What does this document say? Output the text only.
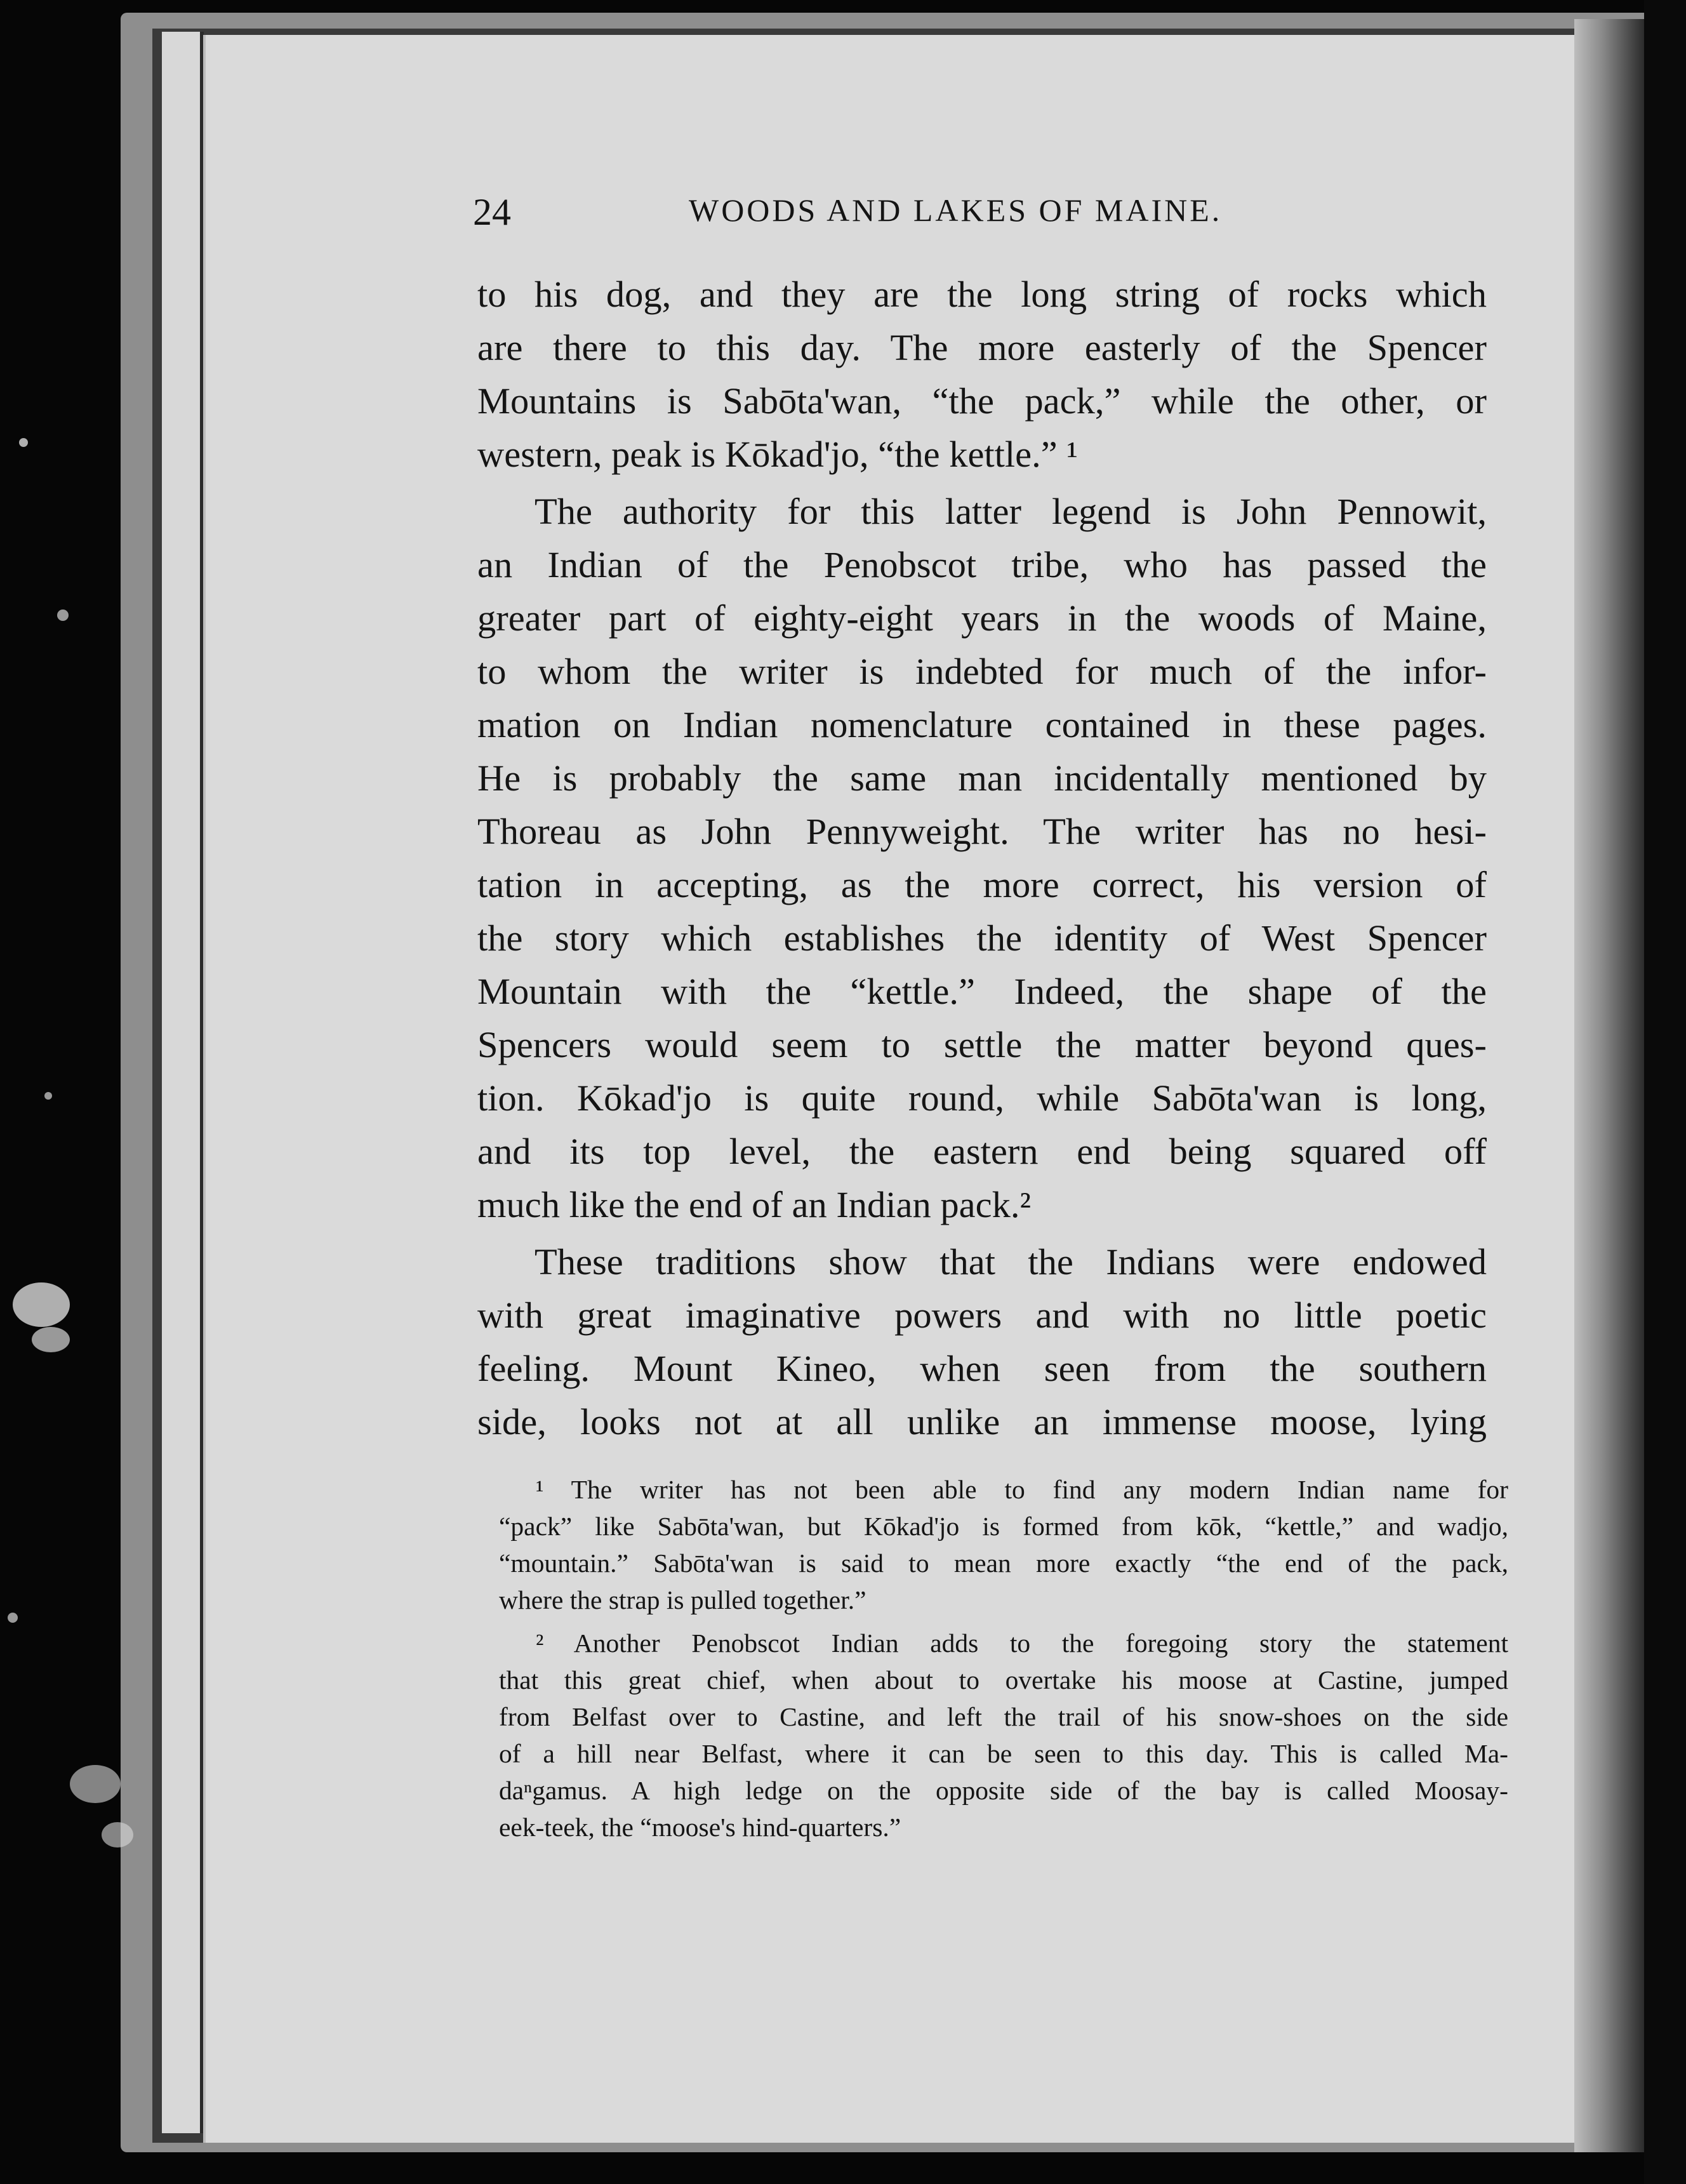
24	WOODS AND LAKES OF MAINE.
to his dog, and they are the long string of rocks which
are there to this day. The more easterly of the Spencer
Mountains is Sabōta'wan, “the pack,” while the other, or
western, peak is Kōkad'jo, “the kettle.” ¹
The authority for this latter legend is John Pennowit,
an Indian of the Penobscot tribe, who has passed the
greater part of eighty-eight years in the woods of Maine,
to whom the writer is indebted for much of the infor-
mation on Indian nomenclature contained in these pages.
He is probably the same man incidentally mentioned by
Thoreau as John Pennyweight. The writer has no hesi-
tation in accepting, as the more correct, his version of
the story which establishes the identity of West Spencer
Mountain with the “kettle.” Indeed, the shape of the
Spencers would seem to settle the matter beyond ques-
tion. Kōkad'jo is quite round, while Sabōta'wan is long,
and its top level, the eastern end being squared off
much like the end of an Indian pack.²
These traditions show that the Indians were endowed
with great imaginative powers and with no little poetic
feeling. Mount Kineo, when seen from the southern
side, looks not at all unlike an immense moose, lying
¹ The writer has not been able to find any modern Indian name for
“pack” like Sabōta'wan, but Kōkad'jo is formed from kōk, “kettle,” and wadjo,
“mountain.” Sabōta'wan is said to mean more exactly “the end of the pack,
where the strap is pulled together.”
² Another Penobscot Indian adds to the foregoing story the statement
that this great chief, when about to overtake his moose at Castine, jumped
from Belfast over to Castine, and left the trail of his snow-shoes on the side
of a hill near Belfast, where it can be seen to this day. This is called Ma-
daⁿgamus. A high ledge on the opposite side of the bay is called Moosay-
eek-teek, the “moose's hind-quarters.”
